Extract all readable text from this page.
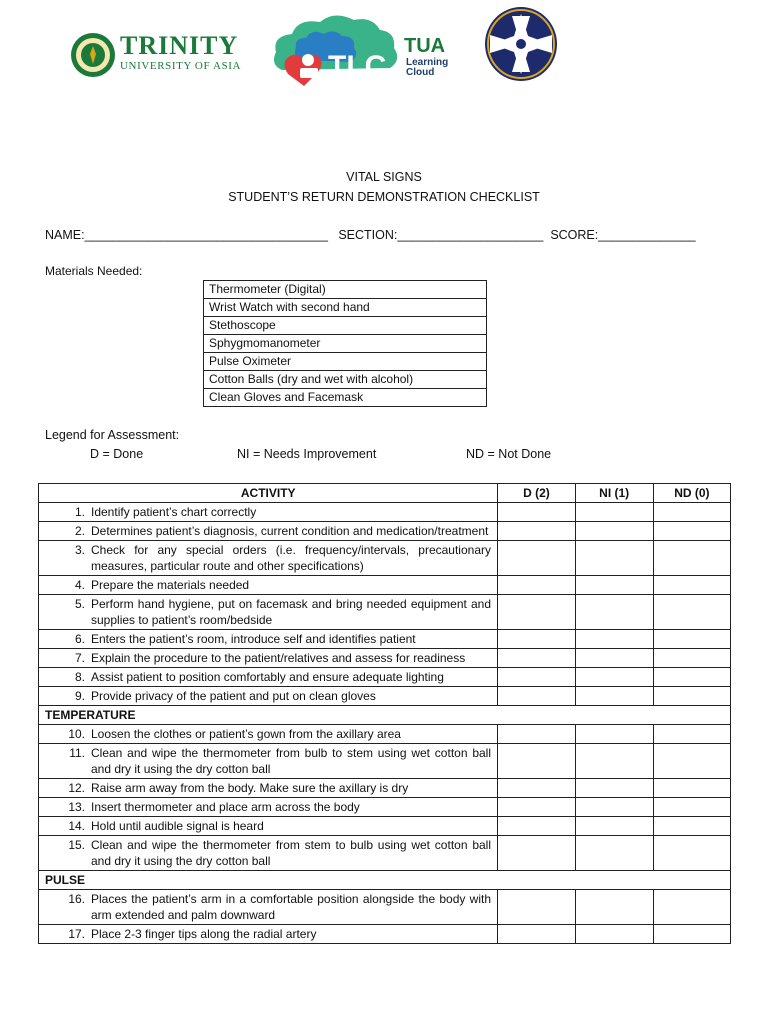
TRINITY
UNIVERSITY OF ASIA	TLC
TUA
Learning
Cloud
VITAL SIGNS
STUDENT’S RETURN DEMONSTRATION CHECKLIST
NAME:___________________________________ SECTION:_____________________ SCORE:______________
Materials Needed:
Thermometer (Digital)
Wrist Watch with second hand
Stethoscope
Sphygmomanometer
Pulse Oximeter
Cotton Balls (dry and wet with alcohol)
Clean Gloves and Facemask
Legend for Assessment:
D = Done	NI = Needs Improvement	ND = Not Done
ACTIVITY	D (2)	NI (1)	ND (0)
1. Identify patient’s chart correctly			
2. Determines patient’s diagnosis, current condition and medication/treatment			
3. Check for any special orders (i.e. frequency/intervals, precautionary measures, particular route and other specifications)			
4. Prepare the materials needed			
5. Perform hand hygiene, put on facemask and bring needed equipment and supplies to patient’s room/bedside			
6. Enters the patient’s room, introduce self and identifies patient			
7. Explain the procedure to the patient/relatives and assess for readiness			
8. Assist patient to position comfortably and ensure adequate lighting			
9. Provide privacy of the patient and put on clean gloves			
TEMPERATURE			
10. Loosen the clothes or patient’s gown from the axillary area			
11. Clean and wipe the thermometer from bulb to stem using wet cotton ball and dry it using the dry cotton ball			
12. Raise arm away from the body. Make sure the axillary is dry			
13. Insert thermometer and place arm across the body			
14. Hold until audible signal is heard			
15. Clean and wipe the thermometer from stem to bulb using wet cotton ball and dry it using the dry cotton ball			
PULSE			
16. Places the patient’s arm in a comfortable position alongside the body with arm extended and palm downward			
17. Place 2-3 finger tips along the radial artery			
